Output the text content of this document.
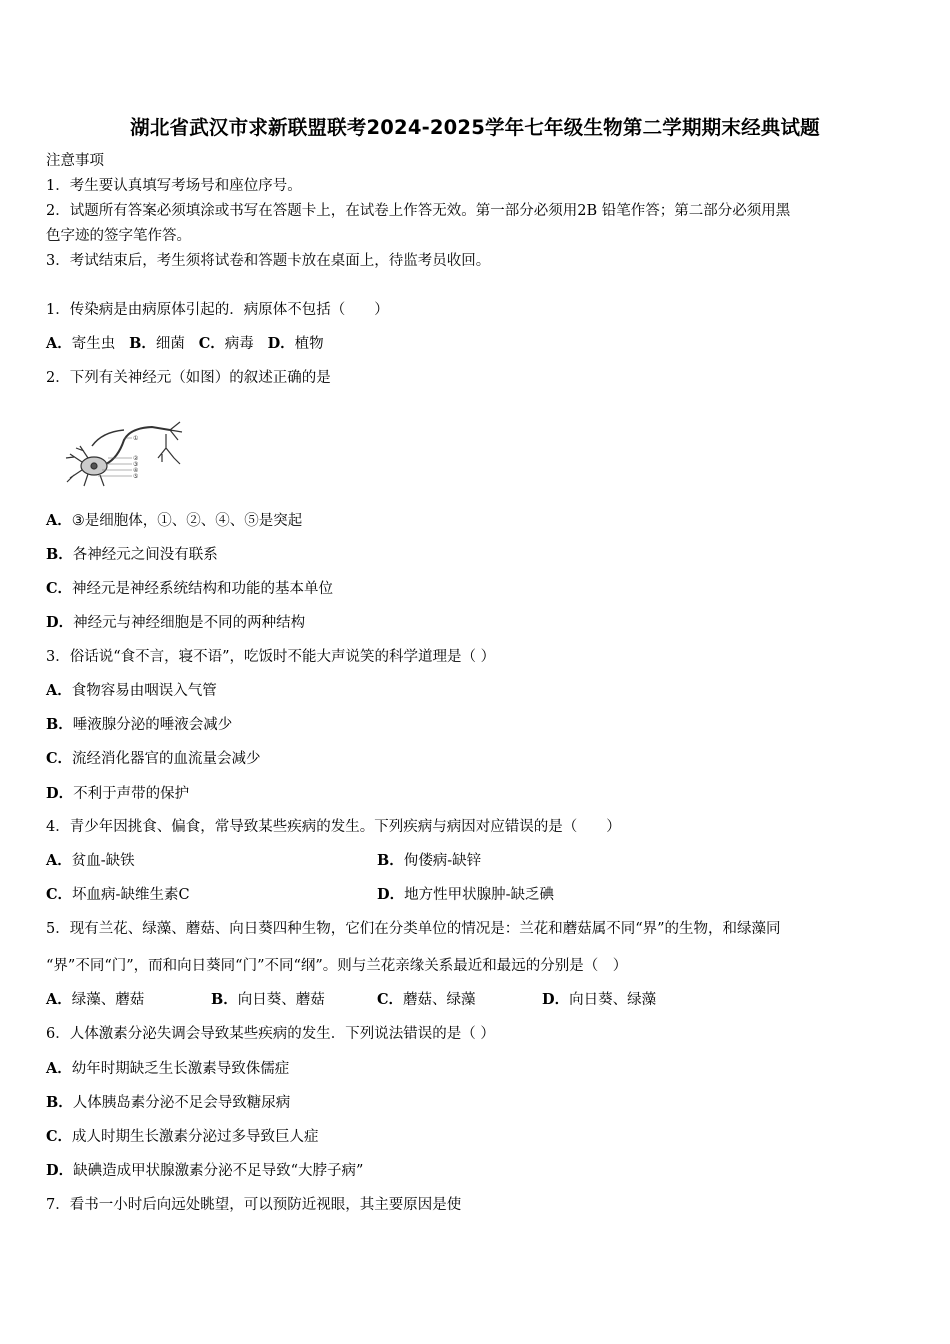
湖北省武汉市求新联盟联考2024-2025学年七年级生物第二学期期末经典试题
注意事项
1．考生要认真填写考场号和座位序号。
2．试题所有答案必须填涂或书写在答题卡上，在试卷上作答无效。第一部分必须用2B 铅笔作答；第二部分必须用黑
色字迹的签字笔作答。
3．考试结束后，考生须将试卷和答题卡放在桌面上，待监考员收回。
1．传染病是由病原体引起的．病原体不包括（　　）
A．寄生虫 B．细菌 C．病毒 D．植物
2．下列有关神经元（如图）的叙述正确的是
①
②
③
④
⑤
A．③是细胞体，①、②、④、⑤是突起
B．各神经元之间没有联系
C．神经元是神经系统结构和功能的基本单位
D．神经元与神经细胞是不同的两种结构
3．俗话说“食不言，寝不语”，吃饭时不能大声说笑的科学道理是（ ）
A．食物容易由咽误入气管
B．唾液腺分泌的唾液会减少
C．流经消化器官的血流量会减少
D．不利于声带的保护
4．青少年因挑食、偏食，常导致某些疾病的发生。下列疾病与病因对应错误的是（　　）
A．贫血-缺铁	B．佝偻病-缺锌
C．坏血病-缺维生素C	D．地方性甲状腺肿-缺乏碘
5．现有兰花、绿藻、蘑菇、向日葵四种生物，它们在分类单位的情况是：兰花和蘑菇属不同“界”的生物，和绿藻同
“界”不同“门”，而和向日葵同“门”不同“纲”。则与兰花亲缘关系最近和最远的分别是（　）
A．绿藻、蘑菇	B．向日葵、蘑菇	C．蘑菇、绿藻	D．向日葵、绿藻
6．人体激素分泌失调会导致某些疾病的发生．下列说法错误的是（ ）
A．幼年时期缺乏生长激素导致侏儒症
B．人体胰岛素分泌不足会导致糖尿病
C．成人时期生长激素分泌过多导致巨人症
D．缺碘造成甲状腺激素分泌不足导致“大脖子病”
7．看书一小时后向远处眺望，可以预防近视眼，其主要原因是使
